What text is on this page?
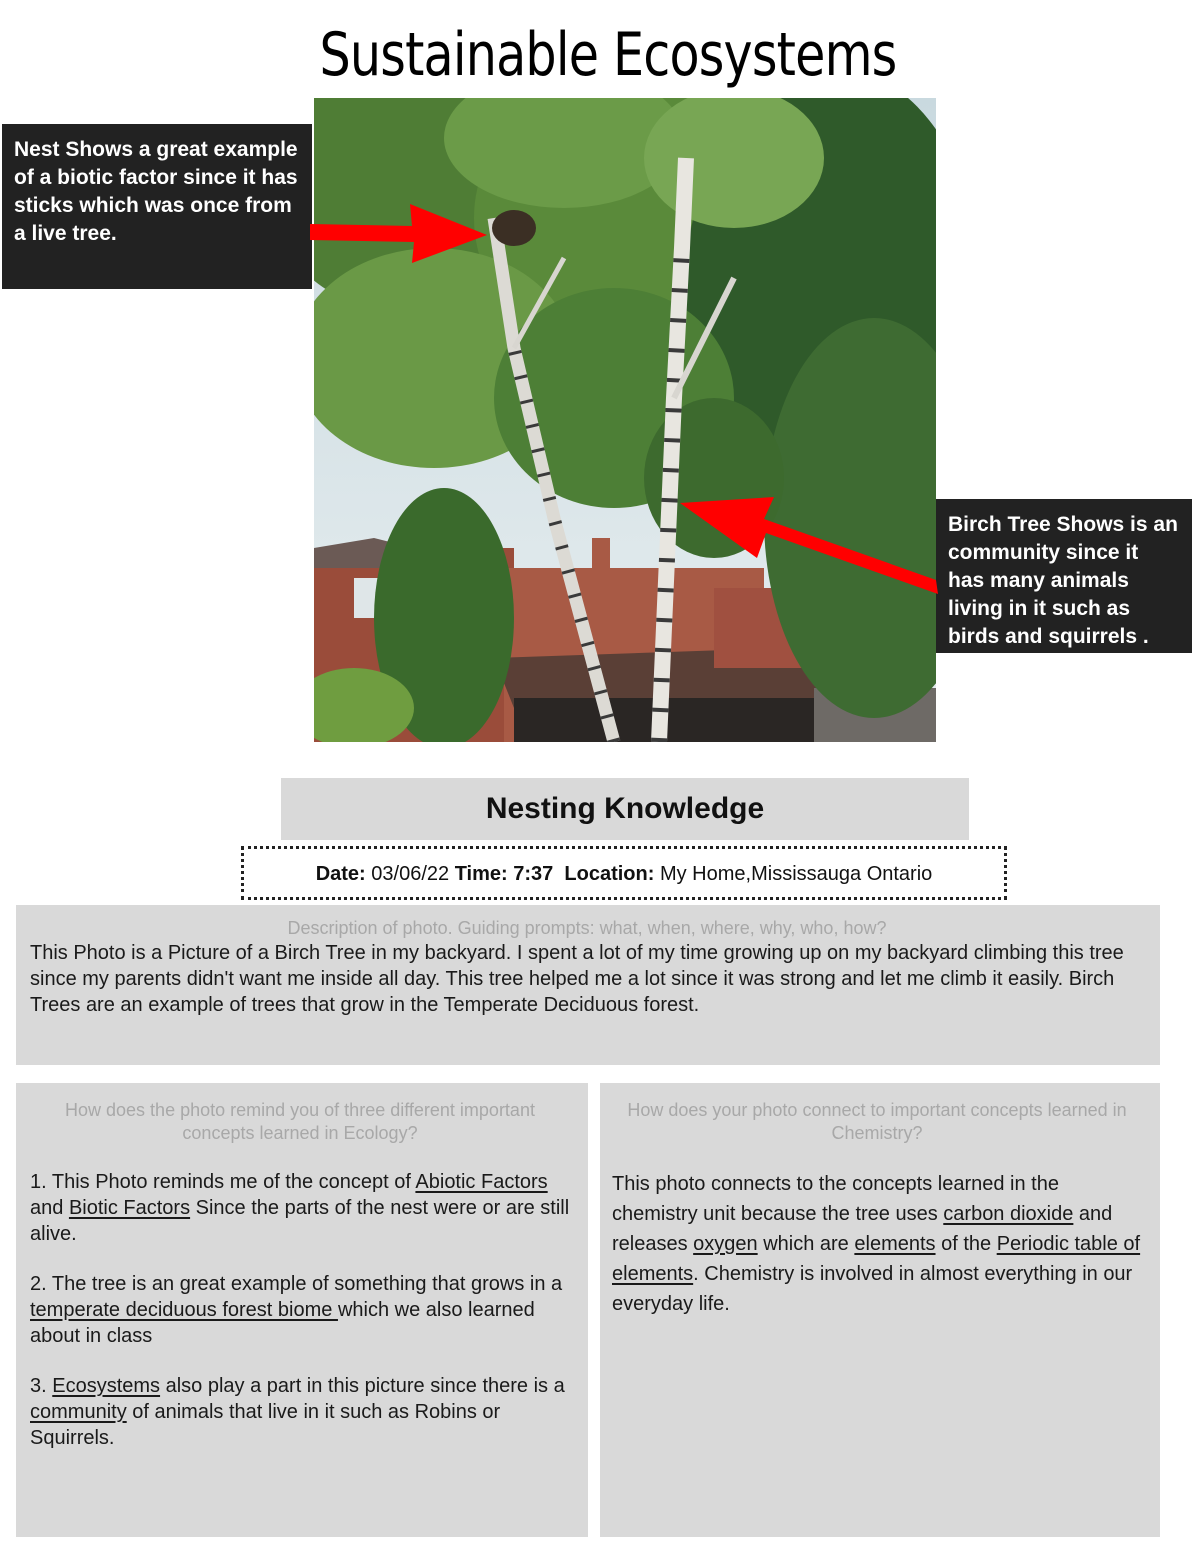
Sustainable Ecosystems
Nest Shows a great example of a biotic factor since it has sticks which was once from a live tree.
Birch Tree Shows is an community since it has many animals living in it such as birds and squirrels .
Nesting Knowledge
Date: 03/06/22 Time: 7:37 Location: My Home,Mississauga Ontario
Description of photo. Guiding prompts: what, when, where, why, who, how?
This Photo is a Picture of a Birch Tree in my backyard. I spent a lot of my time growing up on my backyard climbing this tree since my parents didn't want me inside all day. This tree helped me a lot since it was strong and let me climb it easily. Birch Trees are an example of trees that grow in the Temperate Deciduous forest.
How does the photo remind you of three different important concepts learned in Ecology?

1. This Photo reminds me of the concept of Abiotic Factors and Biotic Factors Since the parts of the nest were or are still alive.

2. The tree is an great example of something that grows in a temperate deciduous forest biome which we also learned about in class

3. Ecosystems also play a part in this picture since there is a community of animals that live in it such as Robins or Squirrels.

How does your photo connect to important concepts learned in Chemistry?
This photo connects to the concepts learned in the chemistry unit because the tree uses carbon dioxide and releases oxygen which are elements of the Periodic table of elements. Chemistry is involved in almost everything in our everyday life.
